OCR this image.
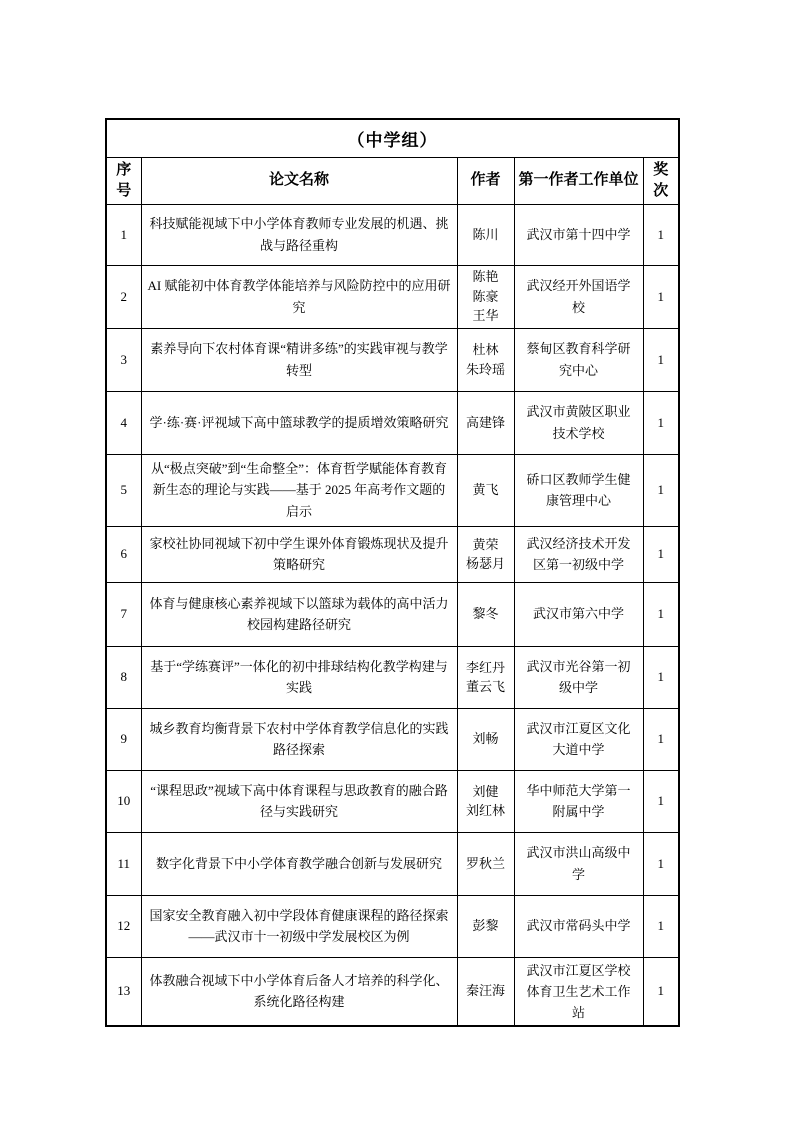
（中学组）				
序号	论文名称	作者	第一作者工作单位	奖次
1	科技赋能视域下中小学体育教师专业发展的机遇、挑战与路径重构	陈川	武汉市第十四中学	1
2	AI 赋能初中体育教学体能培养与风险防控中的应用研究	陈艳
陈豪
王华	武汉经开外国语学校	1
3	素养导向下农村体育课“精讲多练”的实践审视与教学转型	杜林
朱玲瑶	蔡甸区教育科学研究中心	1
4	学·练·赛·评视域下高中篮球教学的提质增效策略研究	高建锋	武汉市黄陂区职业技术学校	1
5	从“极点突破”到“生命整全”：体育哲学赋能体育教育新生态的理论与实践——基于 2025 年高考作文题的启示	黄飞	硚口区教师学生健康管理中心	1
6	家校社协同视域下初中学生课外体育锻炼现状及提升策略研究	黄荣
杨瑟月	武汉经济技术开发区第一初级中学	1
7	体育与健康核心素养视域下以篮球为载体的高中活力校园构建路径研究	黎冬	武汉市第六中学	1
8	基于“学练赛评”一体化的初中排球结构化教学构建与实践	李红丹
董云飞	武汉市光谷第一初级中学	1
9	城乡教育均衡背景下农村中学体育教学信息化的实践路径探索	刘畅	武汉市江夏区文化大道中学	1
10	“课程思政”视域下高中体育课程与思政教育的融合路径与实践研究	刘健
刘红林	华中师范大学第一附属中学	1
11	数字化背景下中小学体育教学融合创新与发展研究	罗秋兰	武汉市洪山高级中学	1
12	国家安全教育融入初中学段体育健康课程的路径探索——武汉市十一初级中学发展校区为例	彭黎	武汉市常码头中学	1
13	体教融合视域下中小学体育后备人才培养的科学化、系统化路径构建	秦汪海	武汉市江夏区学校体育卫生艺术工作站	1
